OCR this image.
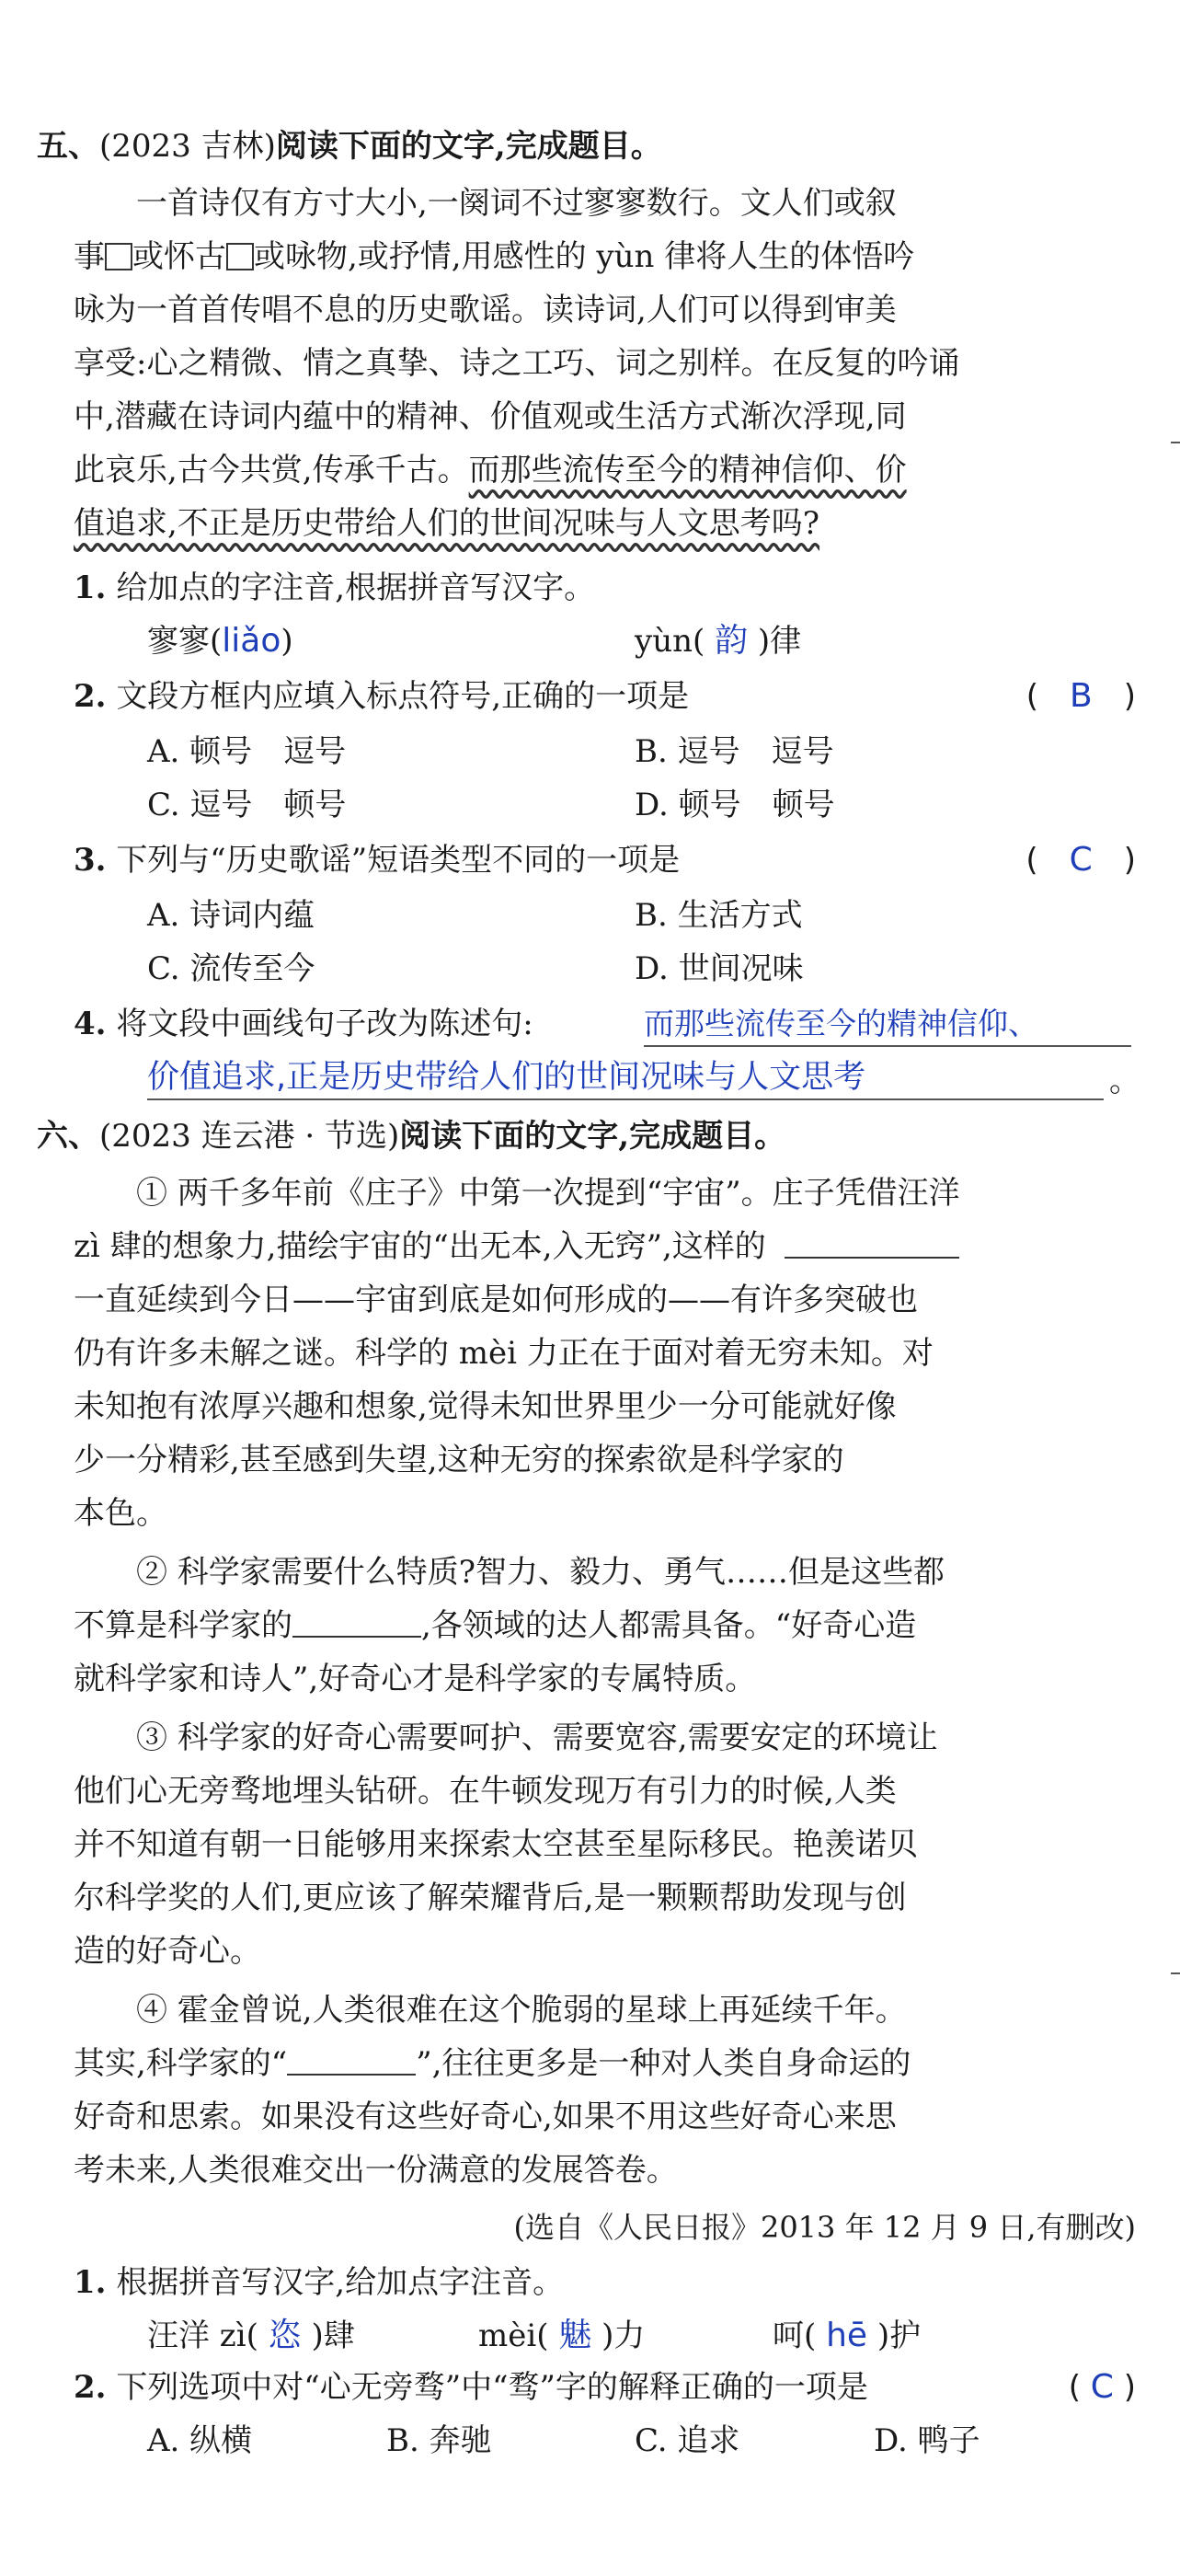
五、(2023 吉林)阅读下面的文字,完成题目。
　　一首诗仅有方寸大小,一阕词不过寥寥数行。文人们或叙
事 或怀古 或咏物,或抒情,用感性的 yùn 律将人生的体悟吟
咏为一首首传唱不息的历史歌谣。读诗词,人们可以得到审美
享受:心之精微、情之真挚、诗之工巧、词之别样。在反复的吟诵
中,潜藏在诗词内蕴中的精神、价值观或生活方式渐次浮现,同
此哀乐,古今共赏,传承千古。而那些流传至今的精神信仰、价
值追求,不正是历史带给人们的世间况味与人文思考吗?
1. 给加点的字注音,根据拼音写汉字。
寥寥(liǎo)	yùn( 韵 )律
2. 文段方框内应填入标点符号,正确的一项是	(　 B　 )
A. 顿号　逗号	B. 逗号　逗号
C. 逗号　顿号	D. 顿号　顿号
3. 下列与“历史歌谣”短语类型不同的一项是	(　 C　 )
A. 诗词内蕴	B. 生活方式
C. 流传至今	D. 世间况味
4. 将文段中画线句子改为陈述句:	而那些流传至今的精神信仰、
价值追求,正是历史带给人们的世间况味与人文思考	。
六、(2023 连云港 · 节选)阅读下面的文字,完成题目。
　　① 两千多年前《庄子》中第一次提到“宇宙”。庄子凭借汪洋
zì 肆的想象力,描绘宇宙的“出无本,入无窍”,这样的
一直延续到今日——宇宙到底是如何形成的——有许多突破也
仍有许多未解之谜。科学的 mèi 力正在于面对着无穷未知。对
未知抱有浓厚兴趣和想象,觉得未知世界里少一分可能就好像
少一分精彩,甚至感到失望,这种无穷的探索欲是科学家的
本色。
　　② 科学家需要什么特质?智力、毅力、勇气……但是这些都
不算是科学家的	,各领域的达人都需具备。“好奇心造
就科学家和诗人”,好奇心才是科学家的专属特质。
　　③ 科学家的好奇心需要呵护、需要宽容,需要安定的环境让
他们心无旁骛地埋头钻研。在牛顿发现万有引力的时候,人类
并不知道有朝一日能够用来探索太空甚至星际移民。艳羡诺贝
尔科学奖的人们,更应该了解荣耀背后,是一颗颗帮助发现与创
造的好奇心。
　　④ 霍金曾说,人类很难在这个脆弱的星球上再延续千年。
其实,科学家的“	”,往往更多是一种对人类自身命运的
好奇和思索。如果没有这些好奇心,如果不用这些好奇心来思
考未来,人类很难交出一份满意的发展答卷。
(选自《人民日报》2013 年 12 月 9 日,有删改)
1. 根据拼音写汉字,给加点字注音。
汪洋 zì( 恣 )肆	mèi( 魅 )力	呵( hē )护
2. 下列选项中对“心无旁骛”中“骛”字的解释正确的一项是	( C )
A. 纵横	B. 奔驰	C. 追求	D. 鸭子
